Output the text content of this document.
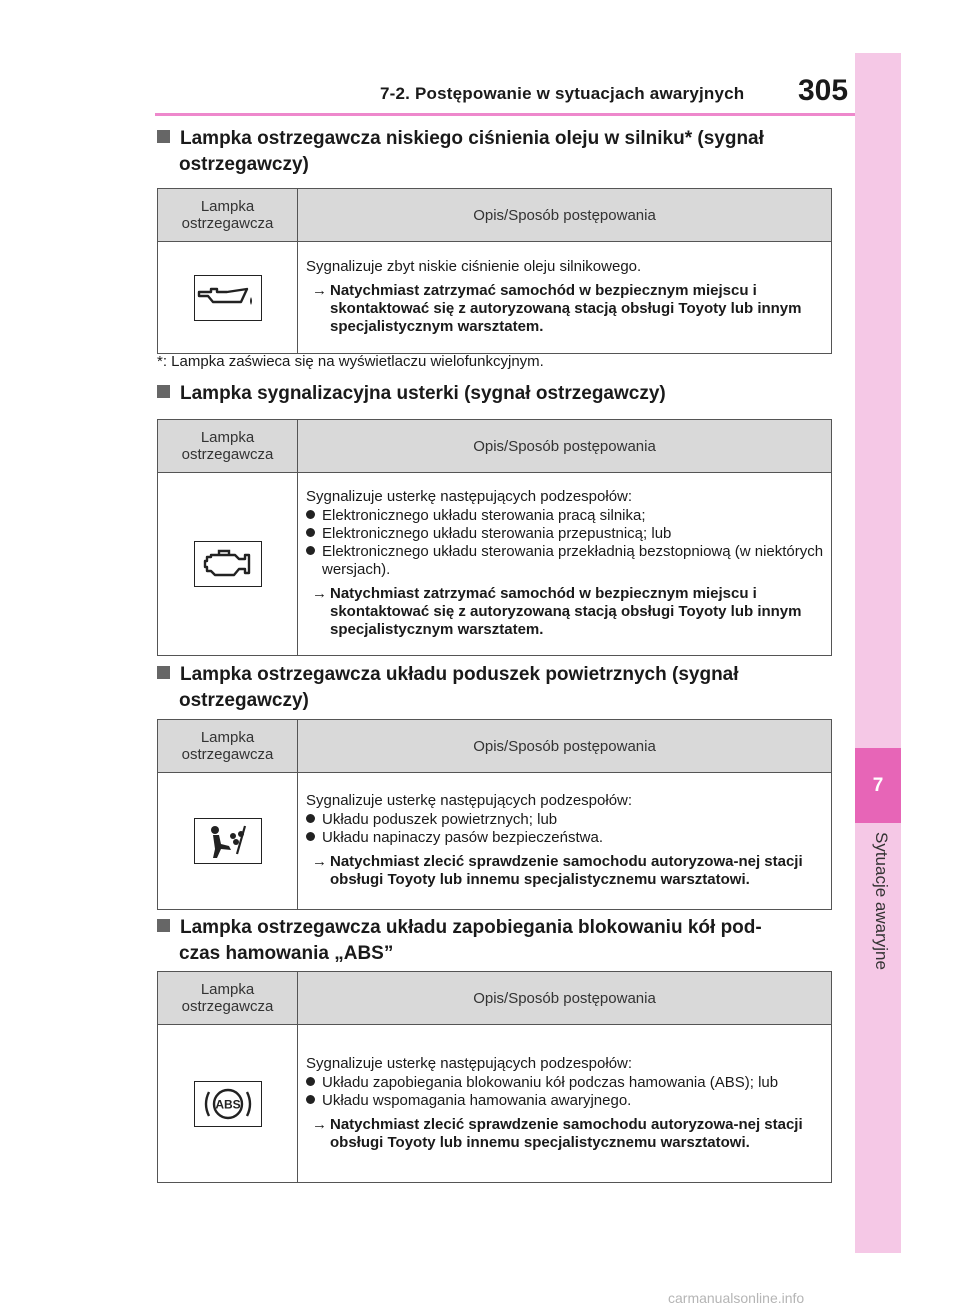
7-2. Postępowanie w sytuacjach awaryjnych 305
7
Sytuacje awaryjne
Lampka ostrzegawcza niskiego ciśnienia oleju w silniku* (sygnał
ostrzegawczy)
Lampka ostrzegawcza	Opis/Sposób postępowania

Sygnalizuje zbyt niskie ciśnienie oleju silnikowego.

→ Natychmiast zatrzymać samochód w bezpiecznym miejscu i skontaktować się z autoryzowaną stacją obsługi Toyoty lub innym specjalistycznym warsztatem.

*: Lampka zaświeca się na wyświetlaczu wielofunkcyjnym.
Lampka sygnalizacyjna usterki (sygnał ostrzegawczy)
Lampka ostrzegawcza	Opis/Sposób postępowania

Sygnalizuje usterkę następujących podzespołów:

Elektronicznego układu sterowania pracą silnika;

Elektronicznego układu sterowania przepustnicą; lub

Elektronicznego układu sterowania przekładnią bezstopniową (w niektórych wersjach).

→ Natychmiast zatrzymać samochód w bezpiecznym miejscu i skontaktować się z autoryzowaną stacją obsługi Toyoty lub innym specjalistycznym warsztatem.

Lampka ostrzegawcza układu poduszek powietrznych (sygnał
ostrzegawczy)
Lampka ostrzegawcza	Opis/Sposób postępowania

Sygnalizuje usterkę następujących podzespołów:

Układu poduszek powietrznych; lub

Układu napinaczy pasów bezpieczeństwa.

→ Natychmiast zlecić sprawdzenie samochodu autoryzowa-nej stacji obsługi Toyoty lub innemu specjalistycznemu warsztatowi.

Lampka ostrzegawcza układu zapobiegania blokowaniu kół pod-
czas hamowania „ABS”
Lampka ostrzegawcza	Opis/Sposób postępowania

ABS	Sygnalizuje usterkę następujących podzespołów:

Układu zapobiegania blokowaniu kół podczas hamowania (ABS); lub

Układu wspomagania hamowania awaryjnego.

→ Natychmiast zlecić sprawdzenie samochodu autoryzowa-nej stacji obsługi Toyoty lub innemu specjalistycznemu warsztatowi.

carmanualsonline.info
